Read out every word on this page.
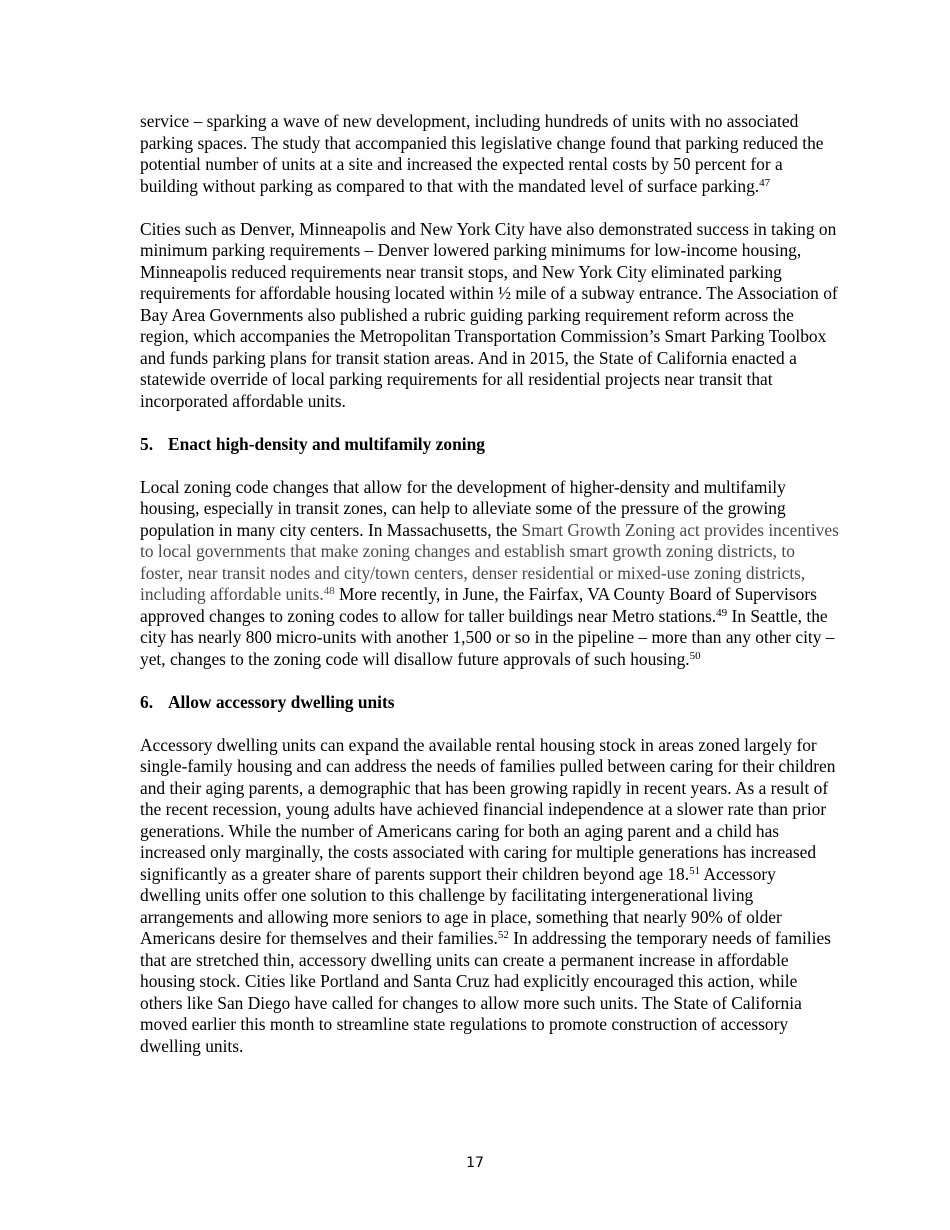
service – sparking a wave of new development, including hundreds of units with no associated parking spaces. The study that accompanied this legislative change found that parking reduced the potential number of units at a site and increased the expected rental costs by 50 percent for a building without parking as compared to that with the mandated level of surface parking.$^{47}$

Cities such as Denver, Minneapolis and New York City have also demonstrated success in taking on minimum parking requirements – Denver lowered parking minimums for low-income housing, Minneapolis reduced requirements near transit stops, and New York City eliminated parking requirements for affordable housing located within ½ mile of a subway entrance. The Association of Bay Area Governments also published a rubric guiding parking requirement reform across the region, which accompanies the Metropolitan Transportation Commission’s Smart Parking Toolbox and funds parking plans for transit station areas. And in 2015, the State of California enacted a statewide override of local parking requirements for all residential projects near transit that incorporated affordable units.

5. Enact high-density and multifamily zoning

Local zoning code changes that allow for the development of higher-density and multifamily housing, especially in transit zones, can help to alleviate some of the pressure of the growing population in many city centers. In Massachusetts, the Smart Growth Zoning act provides incentives to local governments that make zoning changes and establish smart growth zoning districts, to foster, near transit nodes and city/town centers, denser residential or mixed-use zoning districts, including affordable units.$^{48}$ More recently, in June, the Fairfax, VA County Board of Supervisors approved changes to zoning codes to allow for taller buildings near Metro stations.$^{49}$ In Seattle, the city has nearly 800 micro-units with another 1,500 or so in the pipeline – more than any other city – yet, changes to the zoning code will disallow future approvals of such housing.$^{50}$

6. Allow accessory dwelling units

Accessory dwelling units can expand the available rental housing stock in areas zoned largely for single-family housing and can address the needs of families pulled between caring for their children and their aging parents, a demographic that has been growing rapidly in recent years. As a result of the recent recession, young adults have achieved financial independence at a slower rate than prior generations. While the number of Americans caring for both an aging parent and a child has increased only marginally, the costs associated with caring for multiple generations has increased significantly as a greater share of parents support their children beyond age 18.51 Accessory dwelling units offer one solution to this challenge by facilitating intergenerational living arrangements and allowing more seniors to age in place, something that nearly 90% of older Americans desire for themselves and their families.$^{52}$ In addressing the temporary needs of families that are stretched thin, accessory dwelling units can create a permanent increase in affordable housing stock. Cities like Portland and Santa Cruz had explicitly encouraged this action, while others like San Diego have called for changes to allow more such units. The State of California moved earlier this month to streamline state regulations to promote construction of accessory dwelling units.

17
